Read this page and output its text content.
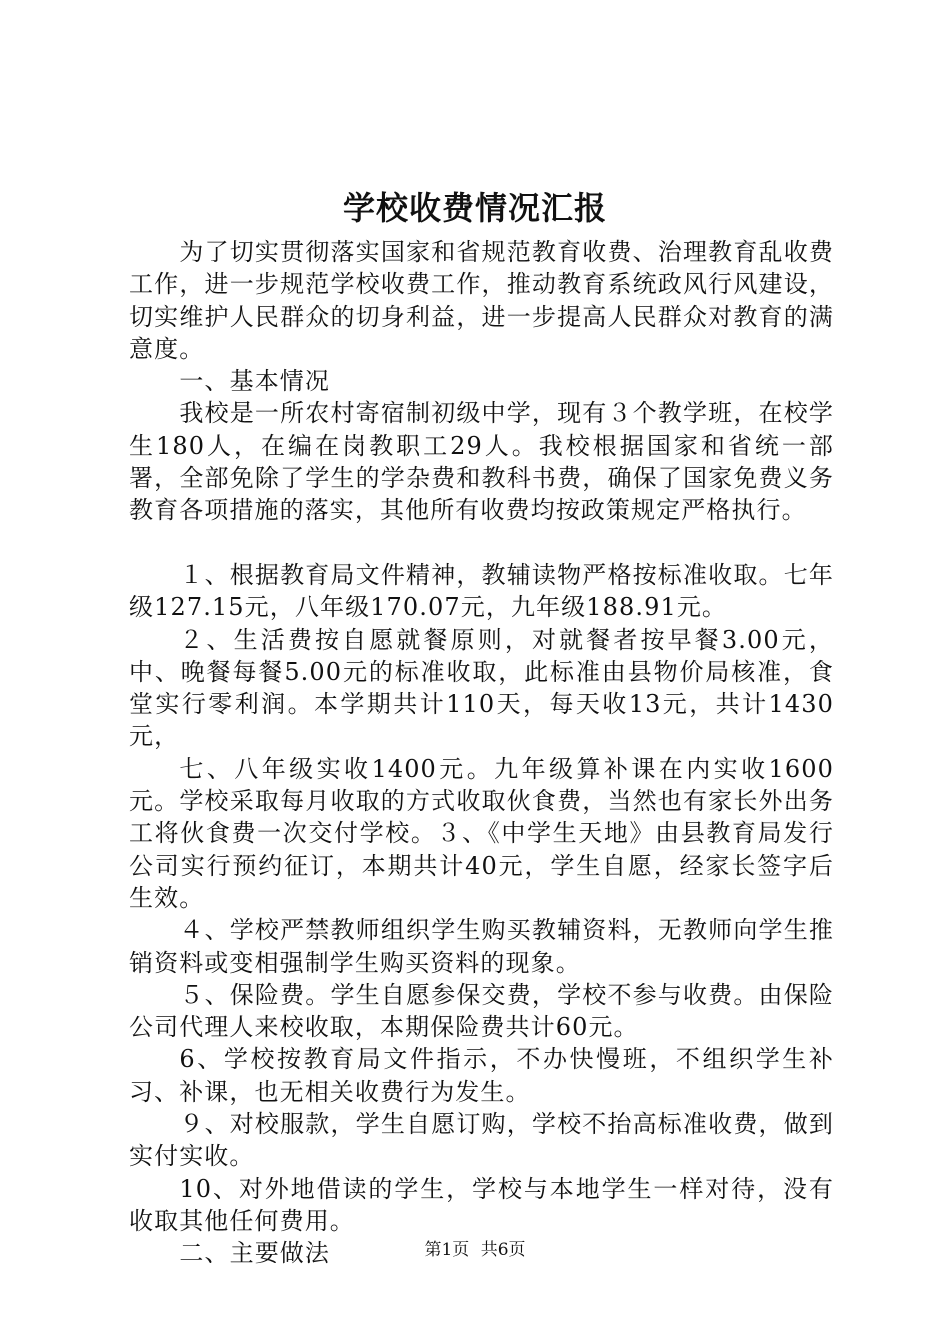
学校收费情况汇报

为了切实贯彻落实国家和省规范教育收费、治理教育乱收费工作，进一步规范学校收费工作，推动教育系统政风行风建设，切实维护人民群众的切身利益，进一步提高人民群众对教育的满意度。

一、基本情况

我校是一所农村寄宿制初级中学，现有３个教学班，在校学生180人，在编在岗教职工29人。我校根据国家和省统一部署，全部免除了学生的学杂费和教科书费，确保了国家免费义务教育各项措施的落实，其他所有收费均按政策规定严格执行。

１、根据教育局文件精神，教辅读物严格按标准收取。七年级127.15元，八年级170.07元，九年级188.91元。

２、生活费按自愿就餐原则，对就餐者按早餐3.00元，中、晚餐每餐5.00元的标准收取，此标准由县物价局核准，食堂实行零利润。本学期共计110天，每天收13元，共计1430元，

七、八年级实收1400元。九年级算补课在内实收1600元。学校采取每月收取的方式收取伙食费，当然也有家长外出务工将伙食费一次交付学校。３、《中学生天地》由县教育局发行公司实行预约征订，本期共计40元，学生自愿，经家长签字后生效。

４、学校严禁教师组织学生购买教辅资料，无教师向学生推销资料或变相强制学生购买资料的现象。

５、保险费。学生自愿参保交费，学校不参与收费。由保险公司代理人来校收取，本期保险费共计60元。

6、学校按教育局文件指示，不办快慢班，不组织学生补习、补课，也无相关收费行为发生。

９、对校服款，学生自愿订购，学校不抬高标准收费，做到实付实收。

10、对外地借读的学生，学校与本地学生一样对待，没有收取其他任何费用。

二、主要做法	第1页 共6页
